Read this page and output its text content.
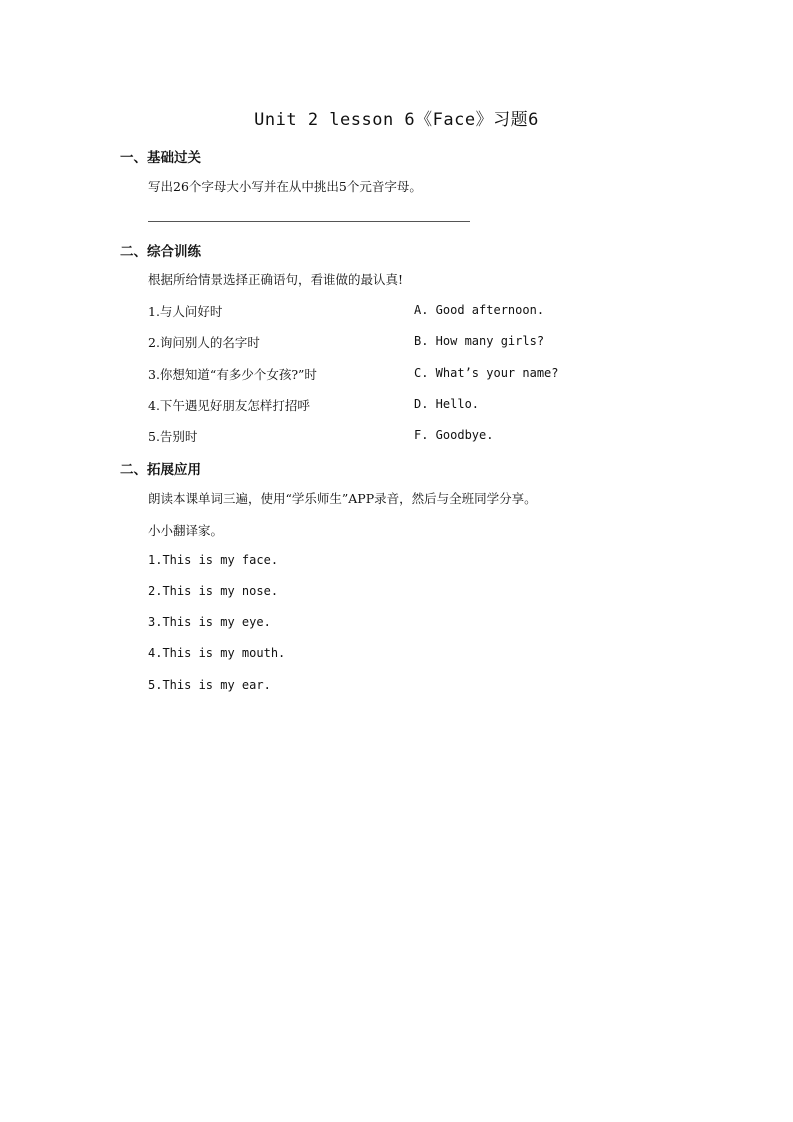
Unit 2 lesson 6《Face》习题6
一、基础过关
写出26个字母大小写并在从中挑出5个元音字母。
二、综合训练
根据所给情景选择正确语句，看谁做的最认真!
1.与人问好时	A. Good afternoon.
2.询问别人的名字时	B. How many girls?
3.你想知道“有多少个女孩?”时	C. What’s your name?
4.下午遇见好朋友怎样打招呼	D. Hello.
5.告别时	F. Goodbye.
二、拓展应用
朗读本课单词三遍，使用“学乐师生”APP录音，然后与全班同学分享。
小小翻译家。
1.This is my face.
2.This is my nose.
3.This is my eye.
4.This is my mouth.
5.This is my ear.
